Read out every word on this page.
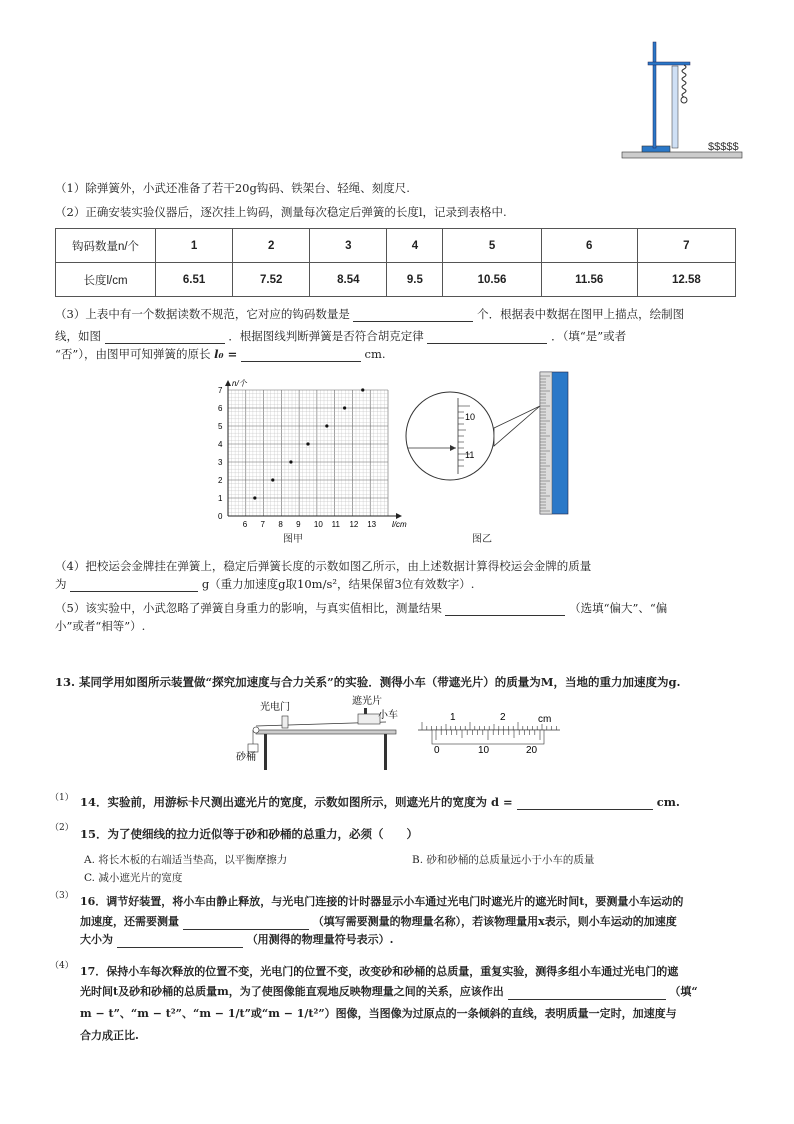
$$$$$
（1）除弹簧外，小武还准备了若干20g钩码、铁架台、轻绳、刻度尺.
（2）正确安装实验仪器后，逐次挂上钩码，测量每次稳定后弹簧的长度l，记录到表格中.
钩码数量n/个	1	2	3	4	5	6	7
长度l/cm	6.51	7.52	8.54	9.5	10.56	11.56	12.58
（3）上表中有一个数据读数不规范，它对应的钩码数量是	个．根据表中数据在图甲上描点，绘制图
线，如图	．根据图线判断弹簧是否符合胡克定律	．（填“是”或者
“否”），由图甲可知弹簧的原长 l₀ =	cm.
6 7 8 9 10 11 12 13
0
1
2
3
4
5
6
7
l/cm
n/个
图甲
10
11
图乙
（4）把校运会金牌挂在弹簧上，稳定后弹簧长度的示数如图乙所示，由上述数据计算得校运会金牌的质量
为	g（重力加速度g取10m/s²，结果保留3位有效数字）.
（5）该实验中，小武忽略了弹簧自身重力的影响，与真实值相比，测量结果	（选填“偏大”、“偏
小”或者“相等”）.
13. 某同学用如图所示装置做“探究加速度与合力关系”的实验．测得小车（带遮光片）的质量为M，当地的重力加速度为g.
光电门
遮光片
小车
砂桶
1	2	cm
0	10	20
（1） 14．实验前，用游标卡尺测出遮光片的宽度，示数如图所示，则遮光片的宽度为 d =	cm.
（2） 15．为了使细线的拉力近似等于砂和砂桶的总重力，必须（　　）
A. 将长木板的右端适当垫高，以平衡摩擦力	B. 砂和砂桶的总质量远小于小车的质量
C. 减小遮光片的宽度
（3） 16．调节好装置，将小车由静止释放，与光电门连接的计时器显示小车通过光电门时遮光片的遮光时间t，要测量小车运动的
加速度，还需要测量	（填写需要测量的物理量名称），若该物理量用x表示，则小车运动的加速度
大小为	（用测得的物理量符号表示）.
（4） 17．保持小车每次释放的位置不变，光电门的位置不变，改变砂和砂桶的总质量，重复实验，测得多组小车通过光电门的遮
光时间t及砂和砂桶的总质量m，为了使图像能直观地反映物理量之间的关系，应该作出	（填“
m − t”、“m − t²”、“m − 1/t”或“m − 1/t²”）图像，当图像为过原点的一条倾斜的直线，表明质量一定时，加速度与
合力成正比.
